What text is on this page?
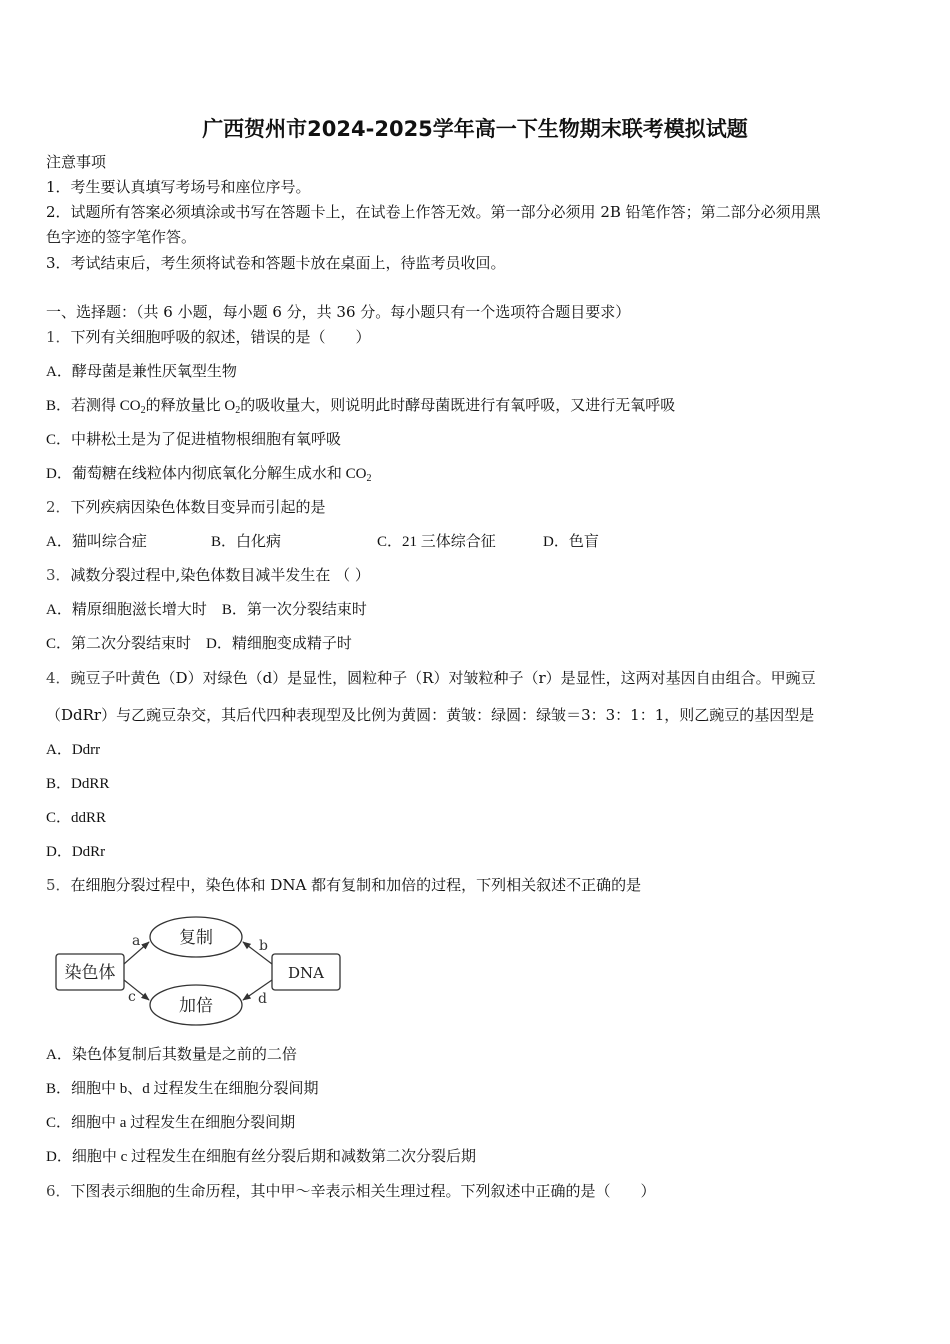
广西贺州市2024-2025学年高一下生物期末联考模拟试题
注意事项
1．考生要认真填写考场号和座位序号。
2．试题所有答案必须填涂或书写在答题卡上，在试卷上作答无效。第一部分必须用 2B 铅笔作答；第二部分必须用黑
色字迹的签字笔作答。
3．考试结束后，考生须将试卷和答题卡放在桌面上，待监考员收回。
一、选择题：（共 6 小题，每小题 6 分，共 36 分。每小题只有一个选项符合题目要求）
1．下列有关细胞呼吸的叙述，错误的是（　　）
A．酵母菌是兼性厌氧型生物
B．若测得 $CO_2$的释放量比 $O_2$的吸收量大，则说明此时酵母菌既进行有氧呼吸，又进行无氧呼吸
C．中耕松土是为了促进植物根细胞有氧呼吸
D．葡萄糖在线粒体内彻底氧化分解生成水和 $CO_2$
2．下列疾病因染色体数目变异而引起的是
A．猫叫综合症	B．白化病	C．21 三体综合征	D．色盲
3．减数分裂过程中,染色体数目减半发生在 （ ）
A．精原细胞滋长增大时　B．第一次分裂结束时
C．第二次分裂结束时　D．精细胞变成精子时
4．豌豆子叶黄色（D）对绿色（d）是显性，圆粒种子（R）对皱粒种子（r）是显性，这两对基因自由组合。甲豌豆
（DdRr）与乙豌豆杂交，其后代四种表现型及比例为黄圆：黄皱：绿圆：绿皱＝3：3：1：1，则乙豌豆的基因型是
A．Ddrr
B．DdRR
C．ddRR
D．DdRr
5．在细胞分裂过程中，染色体和 DNA 都有复制和加倍的过程，下列相关叙述不正确的是
染色体
复制
加倍
DNA
a	b
c	d
A．染色体复制后其数量是之前的二倍
B．细胞中 b、d 过程发生在细胞分裂间期
C．细胞中 a 过程发生在细胞分裂间期
D．细胞中 c 过程发生在细胞有丝分裂后期和减数第二次分裂后期
6．下图表示细胞的生命历程，其中甲～辛表示相关生理过程。下列叙述中正确的是（　　）
